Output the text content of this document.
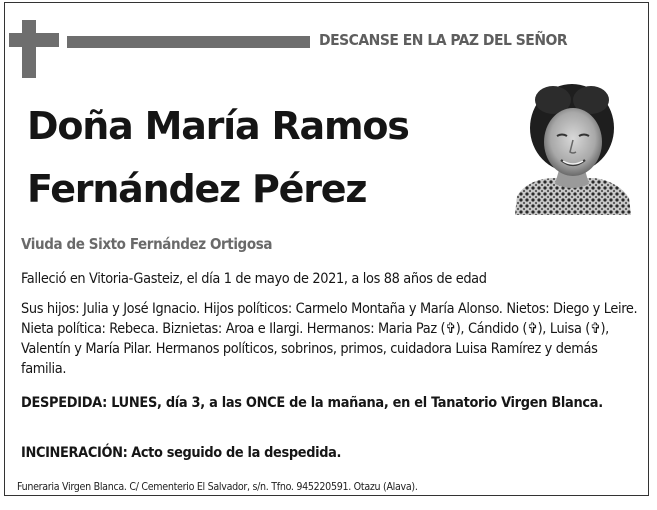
DESCANSE EN LA PAZ DEL SEÑOR
Doña María Ramos
Fernández Pérez
Viuda de Sixto Fernández Ortigosa
Falleció en Vitoria-Gasteiz, el día 1 de mayo de 2021, a los 88 años de edad
Sus hijos: Julia y José Ignacio. Hijos políticos: Carmelo Montaña y María Alonso. Nietos: Diego y Leire. Nieta política: Rebeca. Biznietas: Aroa e Ilargi. Hermanos: Maria Paz (✞), Cándido (✞), Luisa (✞), Valentín y María Pilar. Hermanos políticos, sobrinos, primos, cuidadora Luisa Ramírez y demás familia.
DESPEDIDA: LUNES, día 3, a las ONCE de la mañana, en el Tanatorio Virgen Blanca.
INCINERACIÓN: Acto seguido de la despedida.
Funeraria Virgen Blanca. C/ Cementerio El Salvador, s/n. Tfno. 945220591. Otazu (Alava).
